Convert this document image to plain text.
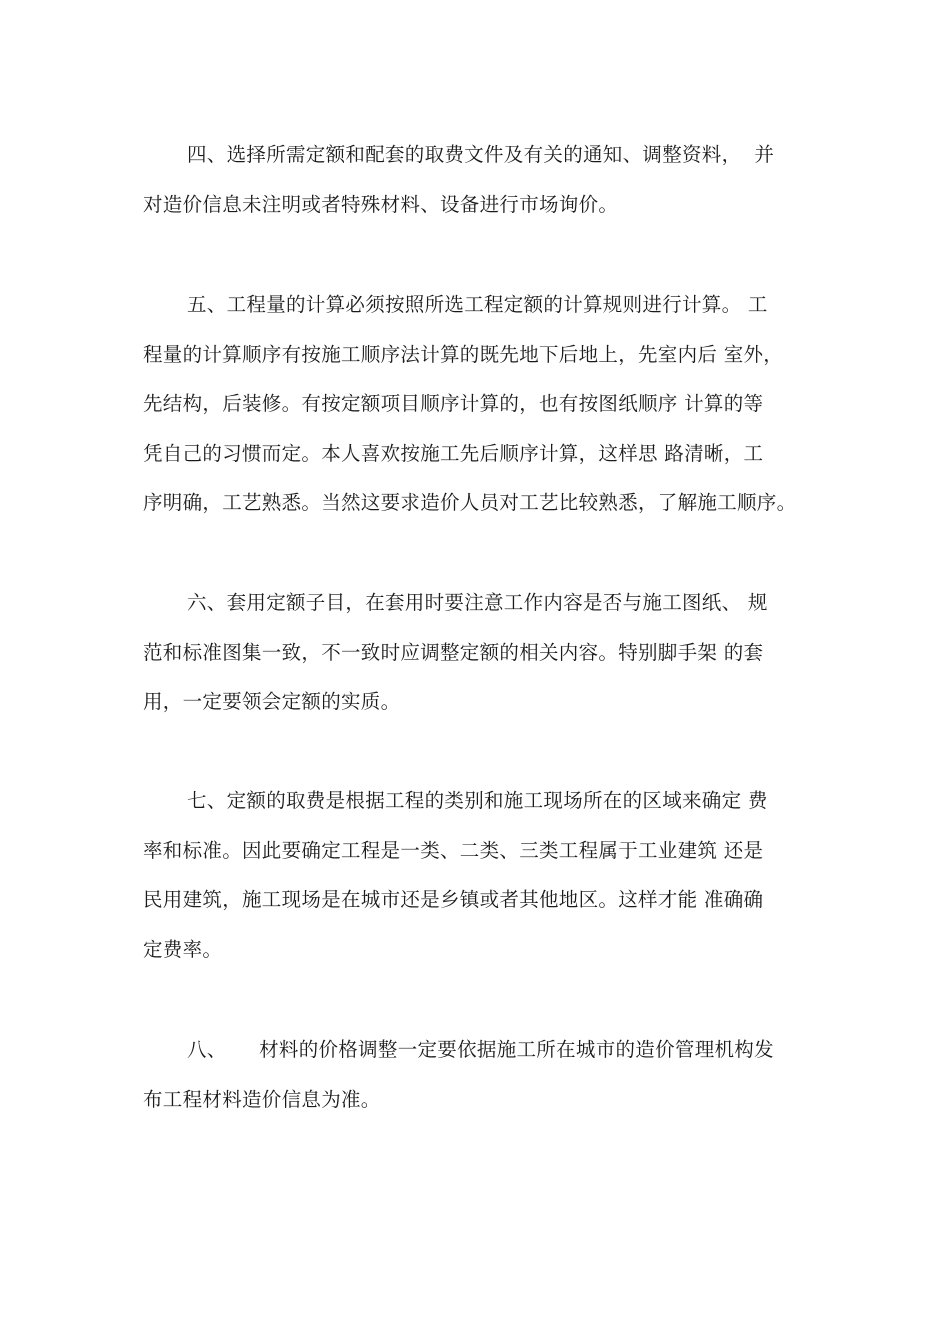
四、选择所需定额和配套的取费文件及有关的通知、调整资料，  并
对造价信息未注明或者特殊材料、设备进行市场询价。
五、工程量的计算必须按照所选工程定额的计算规则进行计算。 工
程量的计算顺序有按施工顺序法计算的既先地下后地上，先室内后 室外，
先结构，后装修。有按定额项目顺序计算的，也有按图纸顺序 计算的等
凭自己的习惯而定。本人喜欢按施工先后顺序计算，这样思 路清晰，工
序明确，工艺熟悉。当然这要求造价人员对工艺比较熟悉，了解施工顺序。
六、套用定额子目，在套用时要注意工作内容是否与施工图纸、 规
范和标准图集一致，不一致时应调整定额的相关内容。特别脚手架 的套
用，一定要领会定额的实质。
七、定额的取费是根据工程的类别和施工现场所在的区域来确定 费
率和标准。因此要确定工程是一类、二类、三类工程属于工业建筑 还是
民用建筑，施工现场是在城市还是乡镇或者其他地区。这样才能 准确确
定费率。
八、     材料的价格调整一定要依据施工所在城市的造价管理机构发
布工程材料造价信息为准。
